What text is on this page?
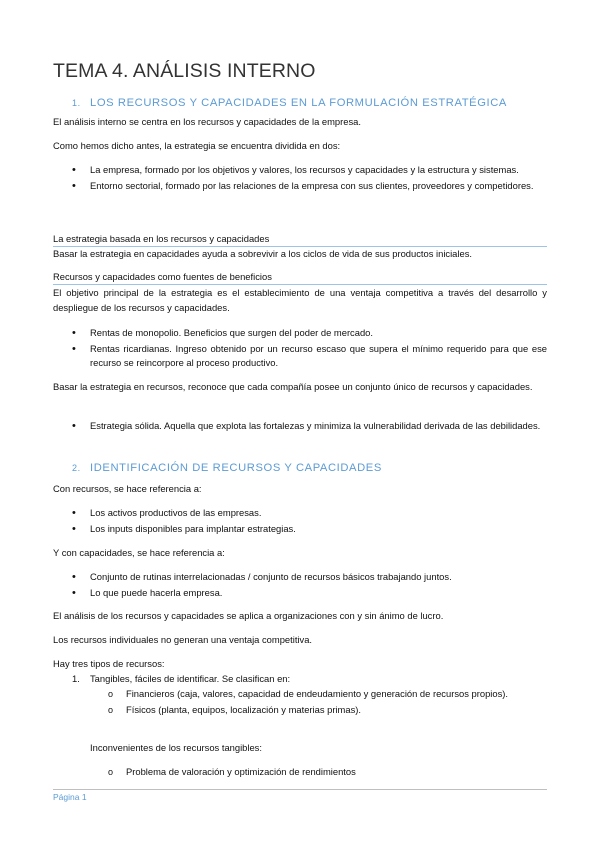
TEMA 4. ANÁLISIS INTERNO
1. LOS RECURSOS Y CAPACIDADES EN LA FORMULACIÓN ESTRATÉGICA
El análisis interno se centra en los recursos y capacidades de la empresa.
Como hemos dicho antes, la estrategia se encuentra dividida en dos:
• La empresa, formado por los objetivos y valores, los recursos y capacidades y la estructura y sistemas.
• Entorno sectorial, formado por las relaciones de la empresa con sus clientes, proveedores y competidores.
La estrategia basada en los recursos y capacidades
Basar la estrategia en capacidades ayuda a sobrevivir a los ciclos de vida de sus productos iniciales.
Recursos y capacidades como fuentes de beneficios
El objetivo principal de la estrategia es el establecimiento de una ventaja competitiva a través del desarrollo y despliegue de los recursos y capacidades.
• Rentas de monopolio. Beneficios que surgen del poder de mercado.
• Rentas ricardianas. Ingreso obtenido por un recurso escaso que supera el mínimo requerido para que ese recurso se reincorpore al proceso productivo.
Basar la estrategia en recursos, reconoce que cada compañía posee un conjunto único de recursos y capacidades.
• Estrategia sólida. Aquella que explota las fortalezas y minimiza la vulnerabilidad derivada de las debilidades.
2. IDENTIFICACIÓN DE RECURSOS Y CAPACIDADES
Con recursos, se hace referencia a:
• Los activos productivos de las empresas.
• Los inputs disponibles para implantar estrategias.
Y con capacidades, se hace referencia a:
• Conjunto de rutinas interrelacionadas / conjunto de recursos básicos trabajando juntos.
• Lo que puede hacerla empresa.
El análisis de los recursos y capacidades se aplica a organizaciones con y sin ánimo de lucro.
Los recursos individuales no generan una ventaja competitiva.
Hay tres tipos de recursos:
1. Tangibles, fáciles de identificar. Se clasifican en:
o Financieros (caja, valores, capacidad de endeudamiento y generación de recursos propios).
o Físicos (planta, equipos, localización y materias primas).
Inconvenientes de los recursos tangibles:
o Problema de valoración y optimización de rendimientos
Página 1
